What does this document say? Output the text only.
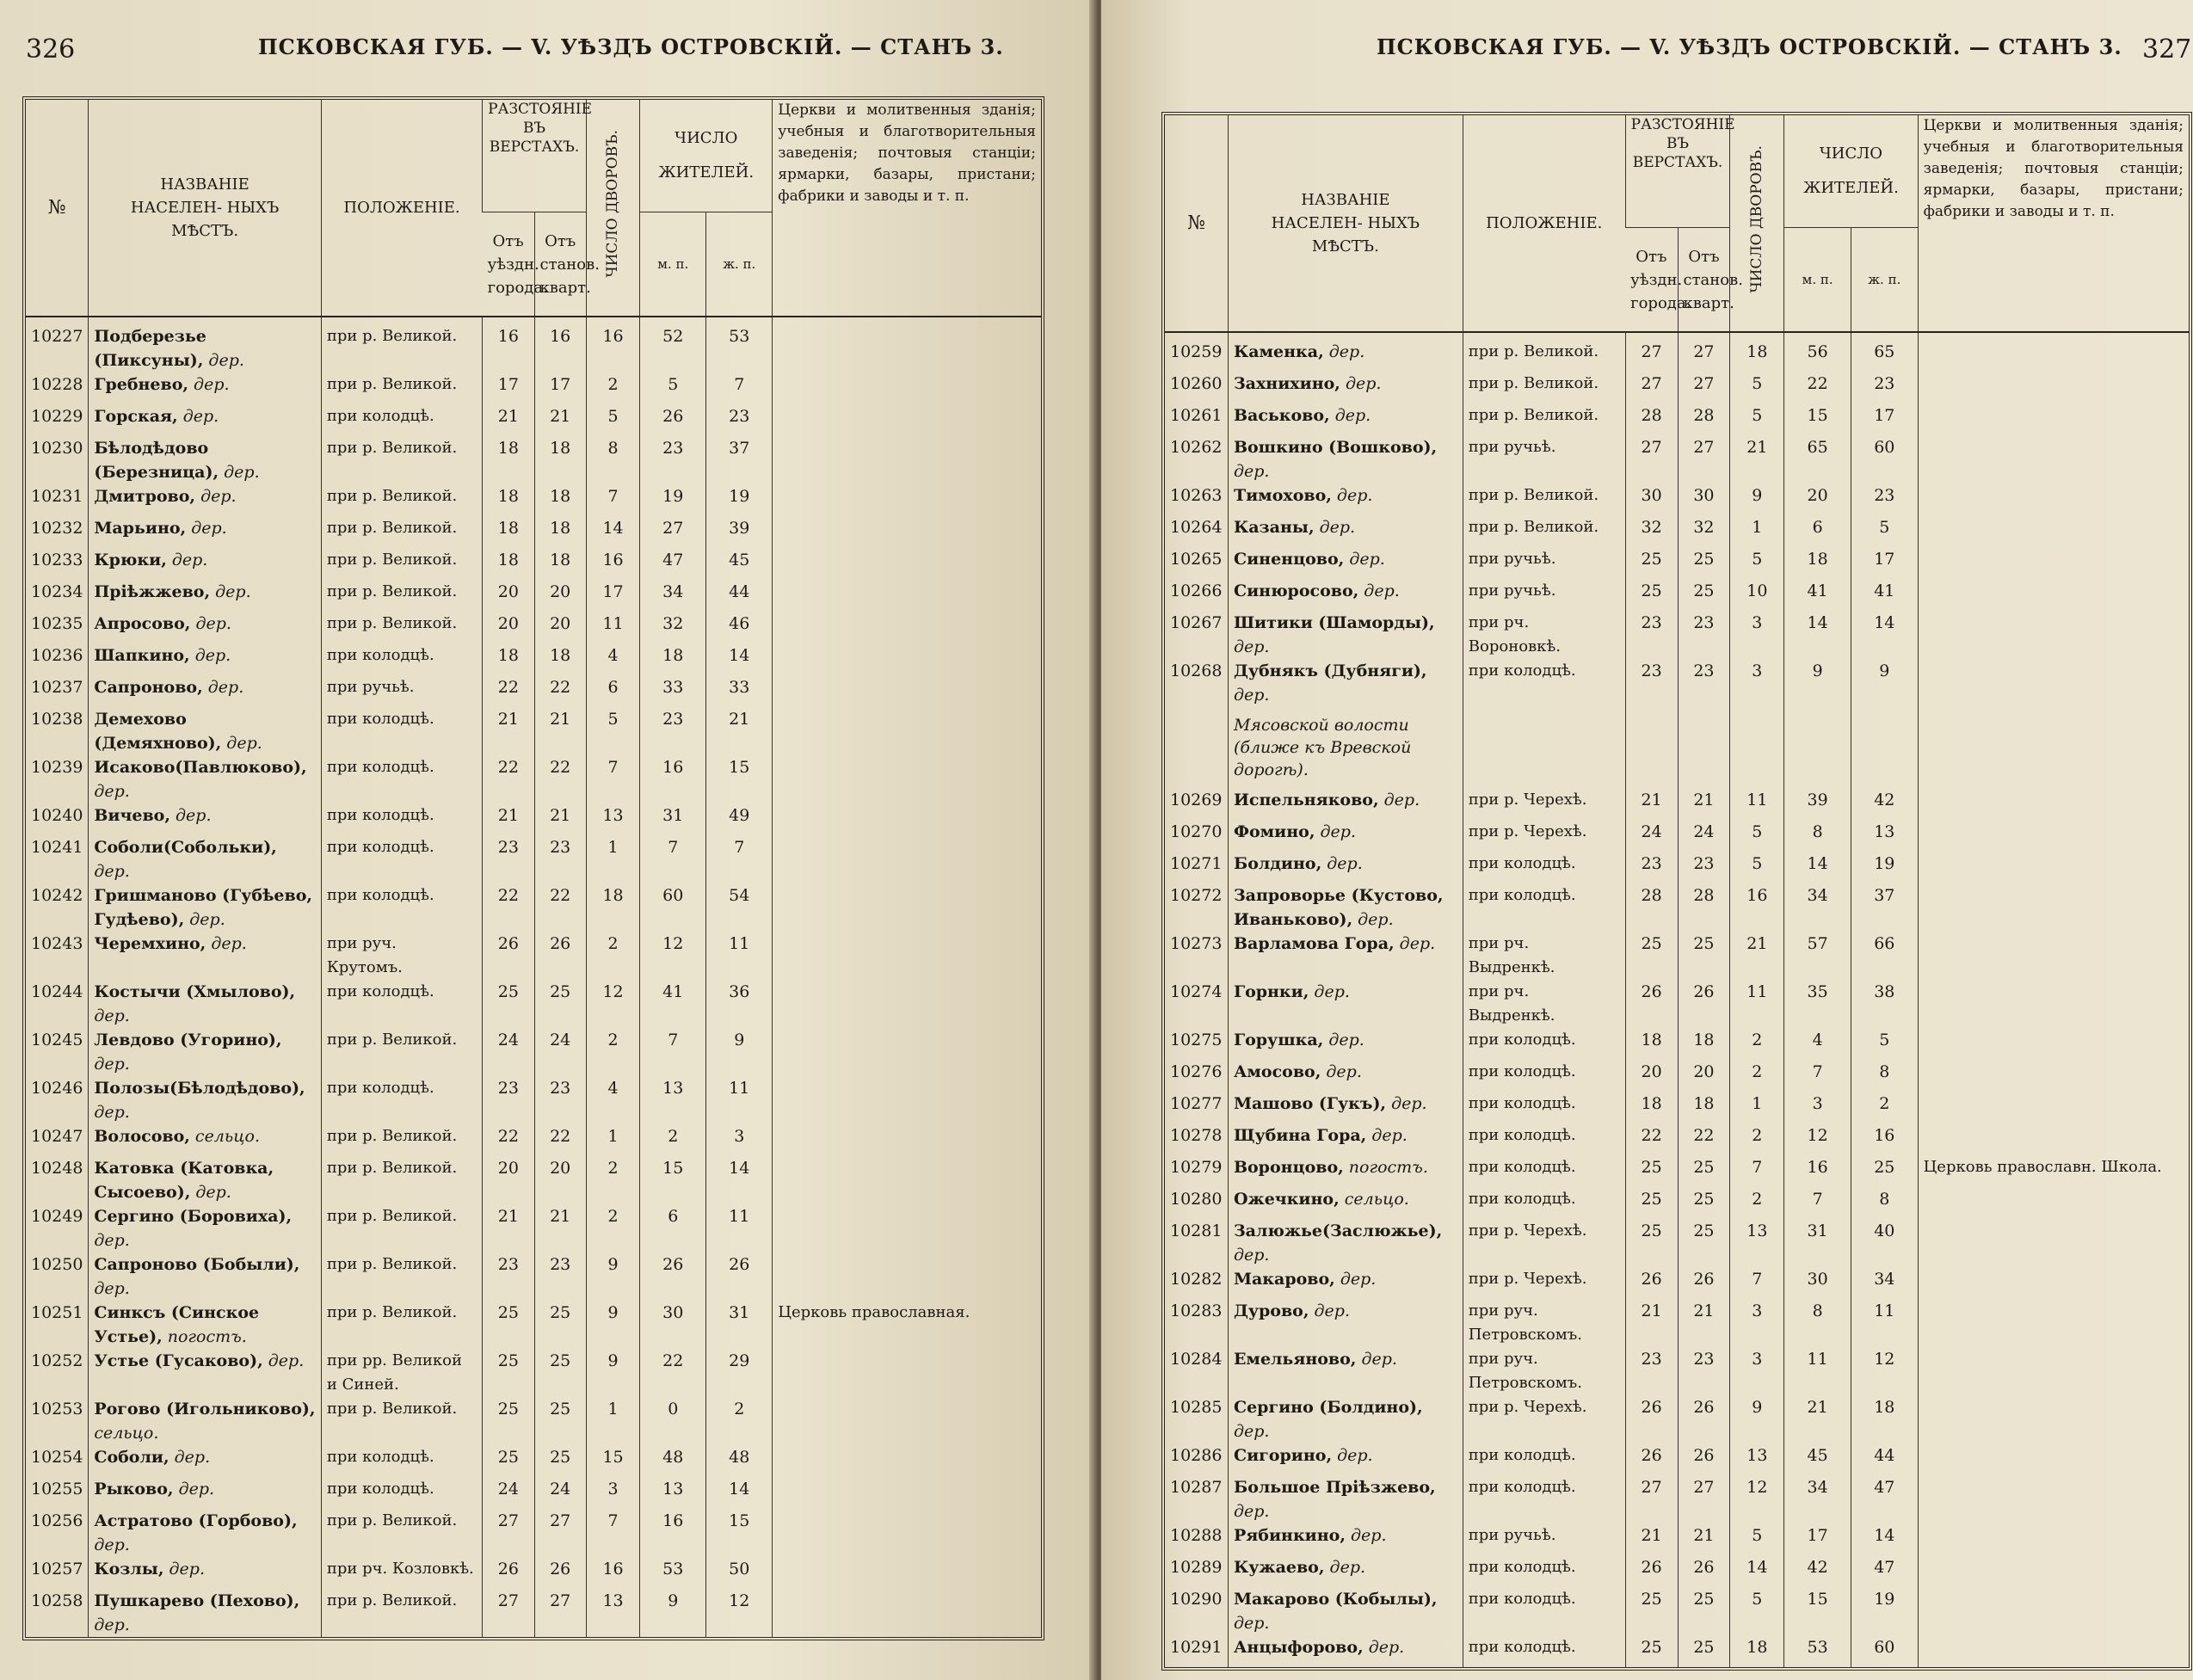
326	ПСКОВСКАЯ ГУБ. — V. УѢЗДЪ ОСТРОВСКІЙ. — СТАНЪ 3.
№	НАЗВАНІЕ НАСЕЛЕН- НЫХЪ МѢСТЪ.	ПОЛОЖЕНІЕ.	РАЗСТОЯНІЕ ВЪ ВЕРСТАХЪ.		ЧИСЛО ДВОРОВЪ.	ЧИСЛО ЖИТЕЛЕЙ.		Церкви и молитвенныя зданія; учебныя и благотворительныя заведенія; почтовыя станціи; ярмарки, базары, пристани; фабрики и заводы и т. п.
			Отъ уѣздн. города.	Отъ станов. кварт.		м. п.	ж. п.	

10227	Подберезье (Пиксуны), дер.	при р. Великой.	16	16	16	52	53	
10228	Гребнево, дер.	при р. Великой.	17	17	2	5	7	
10229	Горская, дер.	при колодцѣ.	21	21	5	26	23	
10230	Бѣлодѣдово (Березница), дер.	при р. Великой.	18	18	8	23	37	
10231	Дмитрово, дер.	при р. Великой.	18	18	7	19	19	
10232	Марьино, дер.	при р. Великой.	18	18	14	27	39	
10233	Крюки, дер.	при р. Великой.	18	18	16	47	45	
10234	Пріѣжжево, дер.	при р. Великой.	20	20	17	34	44	
10235	Апросово, дер.	при р. Великой.	20	20	11	32	46	
10236	Шапкино, дер.	при колодцѣ.	18	18	4	18	14	
10237	Сапроново, дер.	при ручьѣ.	22	22	6	33	33	
10238	Демехово (Демяхново), дер.	при колодцѣ.	21	21	5	23	21	
10239	Исаково(Павлюково), дер.	при колодцѣ.	22	22	7	16	15	
10240	Вичево, дер.	при колодцѣ.	21	21	13	31	49	
10241	Соболи(Собольки), дер.	при колодцѣ.	23	23	1	7	7	
10242	Гришманово (Губѣево, Гудѣево), дер.	при колодцѣ.	22	22	18	60	54	
10243	Черемхино, дер.	при руч. Крутомъ.	26	26	2	12	11	
10244	Костычи (Хмылово), дер.	при колодцѣ.	25	25	12	41	36	
10245	Левдово (Угорино), дер.	при р. Великой.	24	24	2	7	9	
10246	Полозы(Бѣлодѣдово), дер.	при колодцѣ.	23	23	4	13	11	
10247	Волосово, сельцо.	при р. Великой.	22	22	1	2	3	
10248	Катовка (Катовка, Сысоево), дер.	при р. Великой.	20	20	2	15	14	
10249	Сергино (Боровиха), дер.	при р. Великой.	21	21	2	6	11	
10250	Сапроново (Бобыли), дер.	при р. Великой.	23	23	9	26	26	
10251	Синксъ (Синское Устье), погостъ.	при р. Великой.	25	25	9	30	31	Церковь православная.
10252	Устье (Гусаково), дер.	при рр. Великой и Синей.	25	25	9	22	29	
10253	Рогово (Игольниково), сельцо.	при р. Великой.	25	25	1	0	2	
10254	Соболи, дер.	при колодцѣ.	25	25	15	48	48	
10255	Рыково, дер.	при колодцѣ.	24	24	3	13	14	
10256	Астратово (Горбово), дер.	при р. Великой.	27	27	7	16	15	
10257	Козлы, дер.	при рч. Козловкѣ.	26	26	16	53	50	
10258	Пушкарево (Пехово), дер.	при р. Великой.	27	27	13	9	12	
327
ПСКОВСКАЯ ГУБ. — V. УѢЗДЪ ОСТРОВСКІЙ. — СТАНЪ 3.
№	НАЗВАНІЕ НАСЕЛЕН- НЫХЪ МѢСТЪ.	ПОЛОЖЕНІЕ.	РАЗСТОЯНІЕ ВЪ ВЕРСТАХЪ.		ЧИСЛО ДВОРОВЪ.	ЧИСЛО ЖИТЕЛЕЙ.		Церкви и молитвенныя зданія; учебныя и благотворительныя заведенія; почтовыя станціи; ярмарки, базары, пристани; фабрики и заводы и т. п.
			Отъ уѣздн. города.	Отъ станов. кварт.		м. п.	ж. п.	

10259	Каменка, дер.	при р. Великой.	27	27	18	56	65	
10260	Захнихино, дер.	при р. Великой.	27	27	5	22	23	
10261	Васьково, дер.	при р. Великой.	28	28	5	15	17	
10262	Вошкино (Вошково), дер.	при ручьѣ.	27	27	21	65	60	
10263	Тимохово, дер.	при р. Великой.	30	30	9	20	23	
10264	Казаны, дер.	при р. Великой.	32	32	1	6	5	
10265	Синенцово, дер.	при ручьѣ.	25	25	5	18	17	
10266	Синюросово, дер.	при ручьѣ.	25	25	10	41	41	
10267	Шитики (Шаморды), дер.	при рч. Вороновкѣ.	23	23	3	14	14	
10268	Дубнякъ (Дубняги), дер.	при колодцѣ.	23	23	3	9	9	

	Мясовской волости (ближе къ Вревской дорогѣ).							

10269	Испельняково, дер.	при р. Черехѣ.	21	21	11	39	42	
10270	Фомино, дер.	при р. Черехѣ.	24	24	5	8	13	
10271	Болдино, дер.	при колодцѣ.	23	23	5	14	19	
10272	Запроворье (Кустово, Иваньково), дер.	при колодцѣ.	28	28	16	34	37	
10273	Варламова Гора, дер.	при рч. Выдренкѣ.	25	25	21	57	66	
10274	Горнки, дер.	при рч. Выдренкѣ.	26	26	11	35	38	
10275	Горушка, дер.	при колодцѣ.	18	18	2	4	5	
10276	Амосово, дер.	при колодцѣ.	20	20	2	7	8	
10277	Машово (Гукъ), дер.	при колодцѣ.	18	18	1	3	2	
10278	Щубина Гора, дер.	при колодцѣ.	22	22	2	12	16	
10279	Воронцово, погостъ.	при колодцѣ.	25	25	7	16	25	Церковь православн. Школа.
10280	Ожечкино, сельцо.	при колодцѣ.	25	25	2	7	8	
10281	Залюжье(Заслюжье), дер.	при р. Черехѣ.	25	25	13	31	40	
10282	Макарово, дер.	при р. Черехѣ.	26	26	7	30	34	
10283	Дурово, дер.	при руч. Петровскомъ.	21	21	3	8	11	
10284	Емельяново, дер.	при руч. Петровскомъ.	23	23	3	11	12	
10285	Сергино (Болдино), дер.	при р. Черехѣ.	26	26	9	21	18	
10286	Сигорино, дер.	при колодцѣ.	26	26	13	45	44	
10287	Большое Пріѣзжево, дер.	при колодцѣ.	27	27	12	34	47	
10288	Рябинкино, дер.	при ручьѣ.	21	21	5	17	14	
10289	Кужаево, дер.	при колодцѣ.	26	26	14	42	47	
10290	Макарово (Кобылы), дер.	при колодцѣ.	25	25	5	15	19	
10291	Анцыфорово, дер.	при колодцѣ.	25	25	18	53	60	
